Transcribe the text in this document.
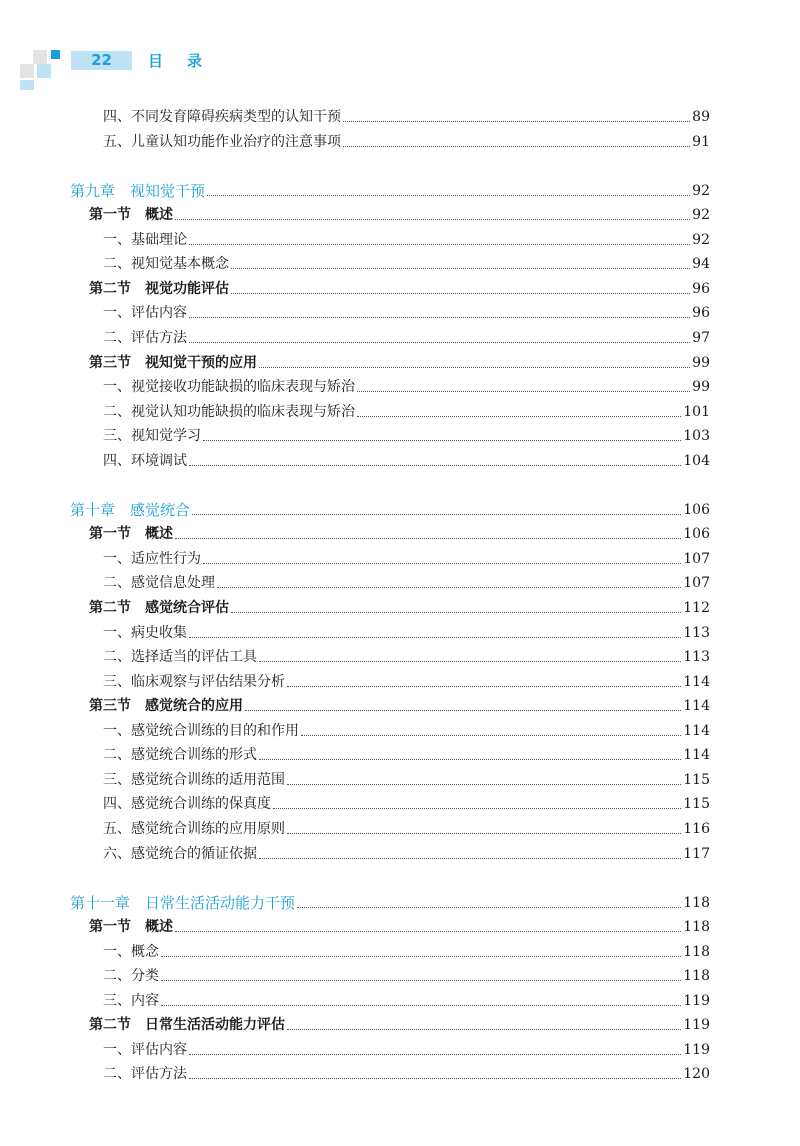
22	目录
四、不同发育障碍疾病类型的认知干预	89
五、儿童认知功能作业治疗的注意事项	91
第九章　视知觉干预	92
第一节　概述	92
一、基础理论	92
二、视知觉基本概念	94
第二节　视觉功能评估	96
一、评估内容	96
二、评估方法	97
第三节　视知觉干预的应用	99
一、视觉接收功能缺损的临床表现与矫治	99
二、视觉认知功能缺损的临床表现与矫治	101
三、视知觉学习	103
四、环境调试	104
第十章　感觉统合	106
第一节　概述	106
一、适应性行为	107
二、感觉信息处理	107
第二节　感觉统合评估	112
一、病史收集	113
二、选择适当的评估工具	113
三、临床观察与评估结果分析	114
第三节　感觉统合的应用	114
一、感觉统合训练的目的和作用	114
二、感觉统合训练的形式	114
三、感觉统合训练的适用范围	115
四、感觉统合训练的保真度	115
五、感觉统合训练的应用原则	116
六、感觉统合的循证依据	117
第十一章　日常生活活动能力干预	118
第一节　概述	118
一、概念	118
二、分类	118
三、内容	119
第二节　日常生活活动能力评估	119
一、评估内容	119
二、评估方法	120
